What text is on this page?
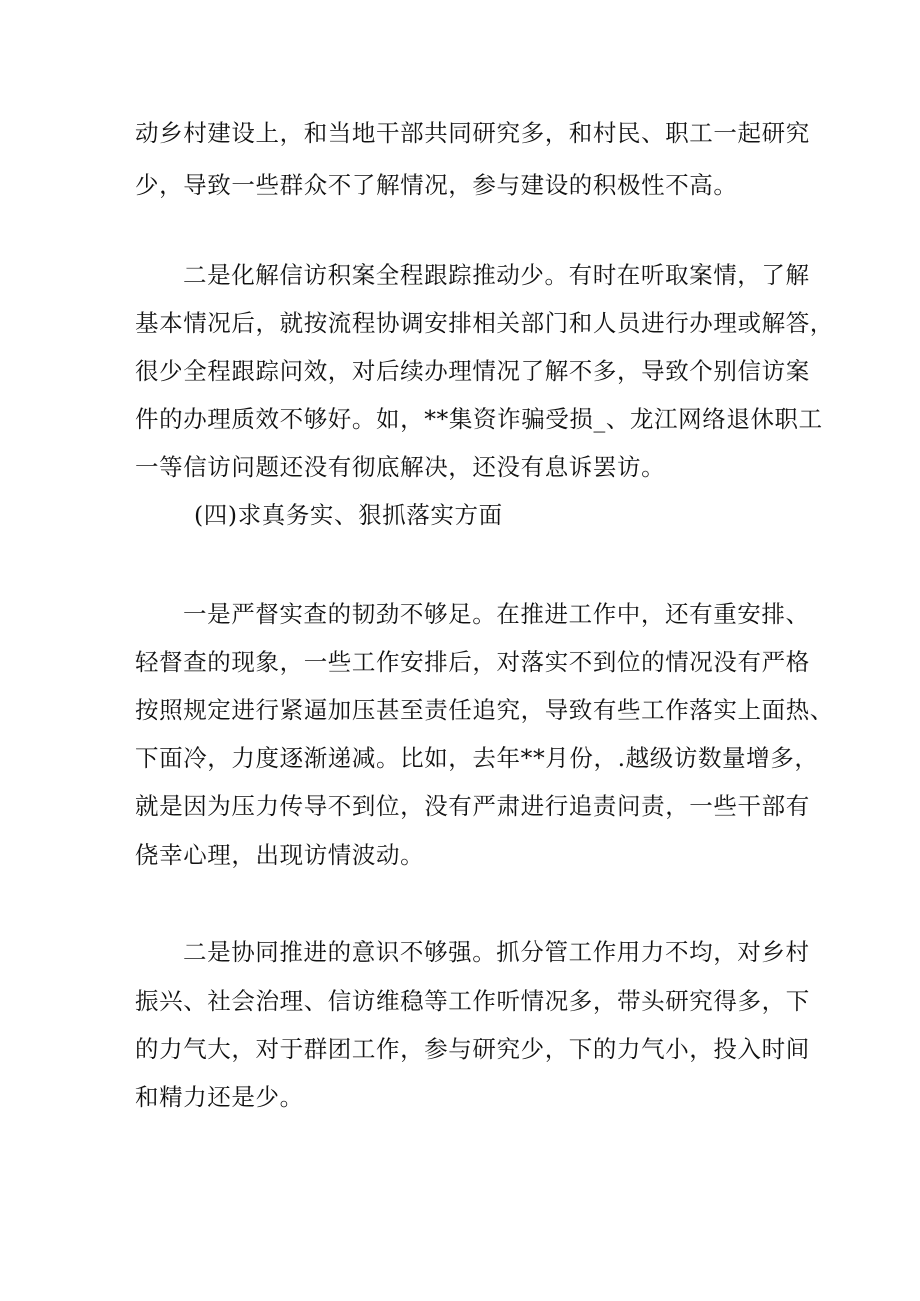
动乡村建设上，和当地干部共同研究多，和村民、职工一起研究
少，导致一些群众不了解情况，参与建设的积极性不高。
二是化解信访积案全程跟踪推动少。有时在听取案情，了解
基本情况后，就按流程协调安排相关部门和人员进行办理或解答，
很少全程跟踪问效，对后续办理情况了解不多，导致个别信访案
件的办理质效不够好。如，**集资诈骗受损_、龙江网络退休职工
一等信访问题还没有彻底解决，还没有息诉罢访。
(四)求真务实、狠抓落实方面
一是严督实查的韧劲不够足。在推进工作中，还有重安排、
轻督查的现象，一些工作安排后，对落实不到位的情况没有严格
按照规定进行紧逼加压甚至责任追究，导致有些工作落实上面热、
下面冷，力度逐渐递减。比如，去年**月份，.越级访数量增多，
就是因为压力传导不到位，没有严肃进行追责问责，一些干部有
侥幸心理，出现访情波动。
二是协同推进的意识不够强。抓分管工作用力不均，对乡村
振兴、社会治理、信访维稳等工作听情况多，带头研究得多，下
的力气大，对于群团工作，参与研究少，下的力气小，投入时间
和精力还是少。
